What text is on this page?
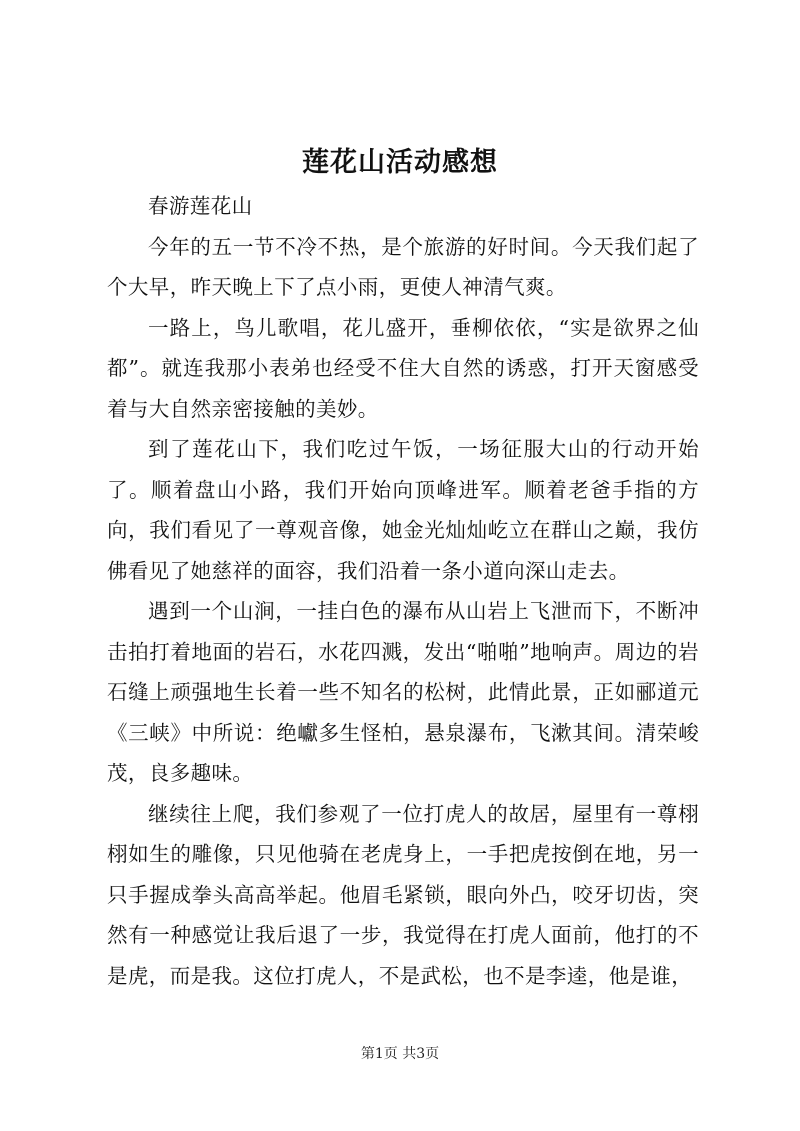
莲花山活动感想

春游莲花山

今年的五一节不冷不热，是个旅游的好时间。今天我们起了个大早，昨天晚上下了点小雨，更使人神清气爽。

一路上，鸟儿歌唱，花儿盛开，垂柳依依，“实是欲界之仙都”。就连我那小表弟也经受不住大自然的诱惑，打开天窗感受着与大自然亲密接触的美妙。

到了莲花山下，我们吃过午饭，一场征服大山的行动开始了。顺着盘山小路，我们开始向顶峰进军。顺着老爸手指的方向，我们看见了一尊观音像，她金光灿灿屹立在群山之巅，我仿佛看见了她慈祥的面容，我们沿着一条小道向深山走去。

遇到一个山涧，一挂白色的瀑布从山岩上飞泄而下，不断冲击拍打着地面的岩石，水花四溅，发出“啪啪”地响声。周边的岩石缝上顽强地生长着一些不知名的松树，此情此景，正如郦道元《三峡》中所说：绝巘多生怪柏，悬泉瀑布，飞漱其间。清荣峻茂，良多趣味。

继续往上爬，我们参观了一位打虎人的故居，屋里有一尊栩栩如生的雕像，只见他骑在老虎身上，一手把虎按倒在地，另一只手握成拳头高高举起。他眉毛紧锁，眼向外凸，咬牙切齿，突然有一种感觉让我后退了一步，我觉得在打虎人面前，他打的不是虎，而是我。这位打虎人，不是武松，也不是李逵，他是谁，

第1页 共3页
